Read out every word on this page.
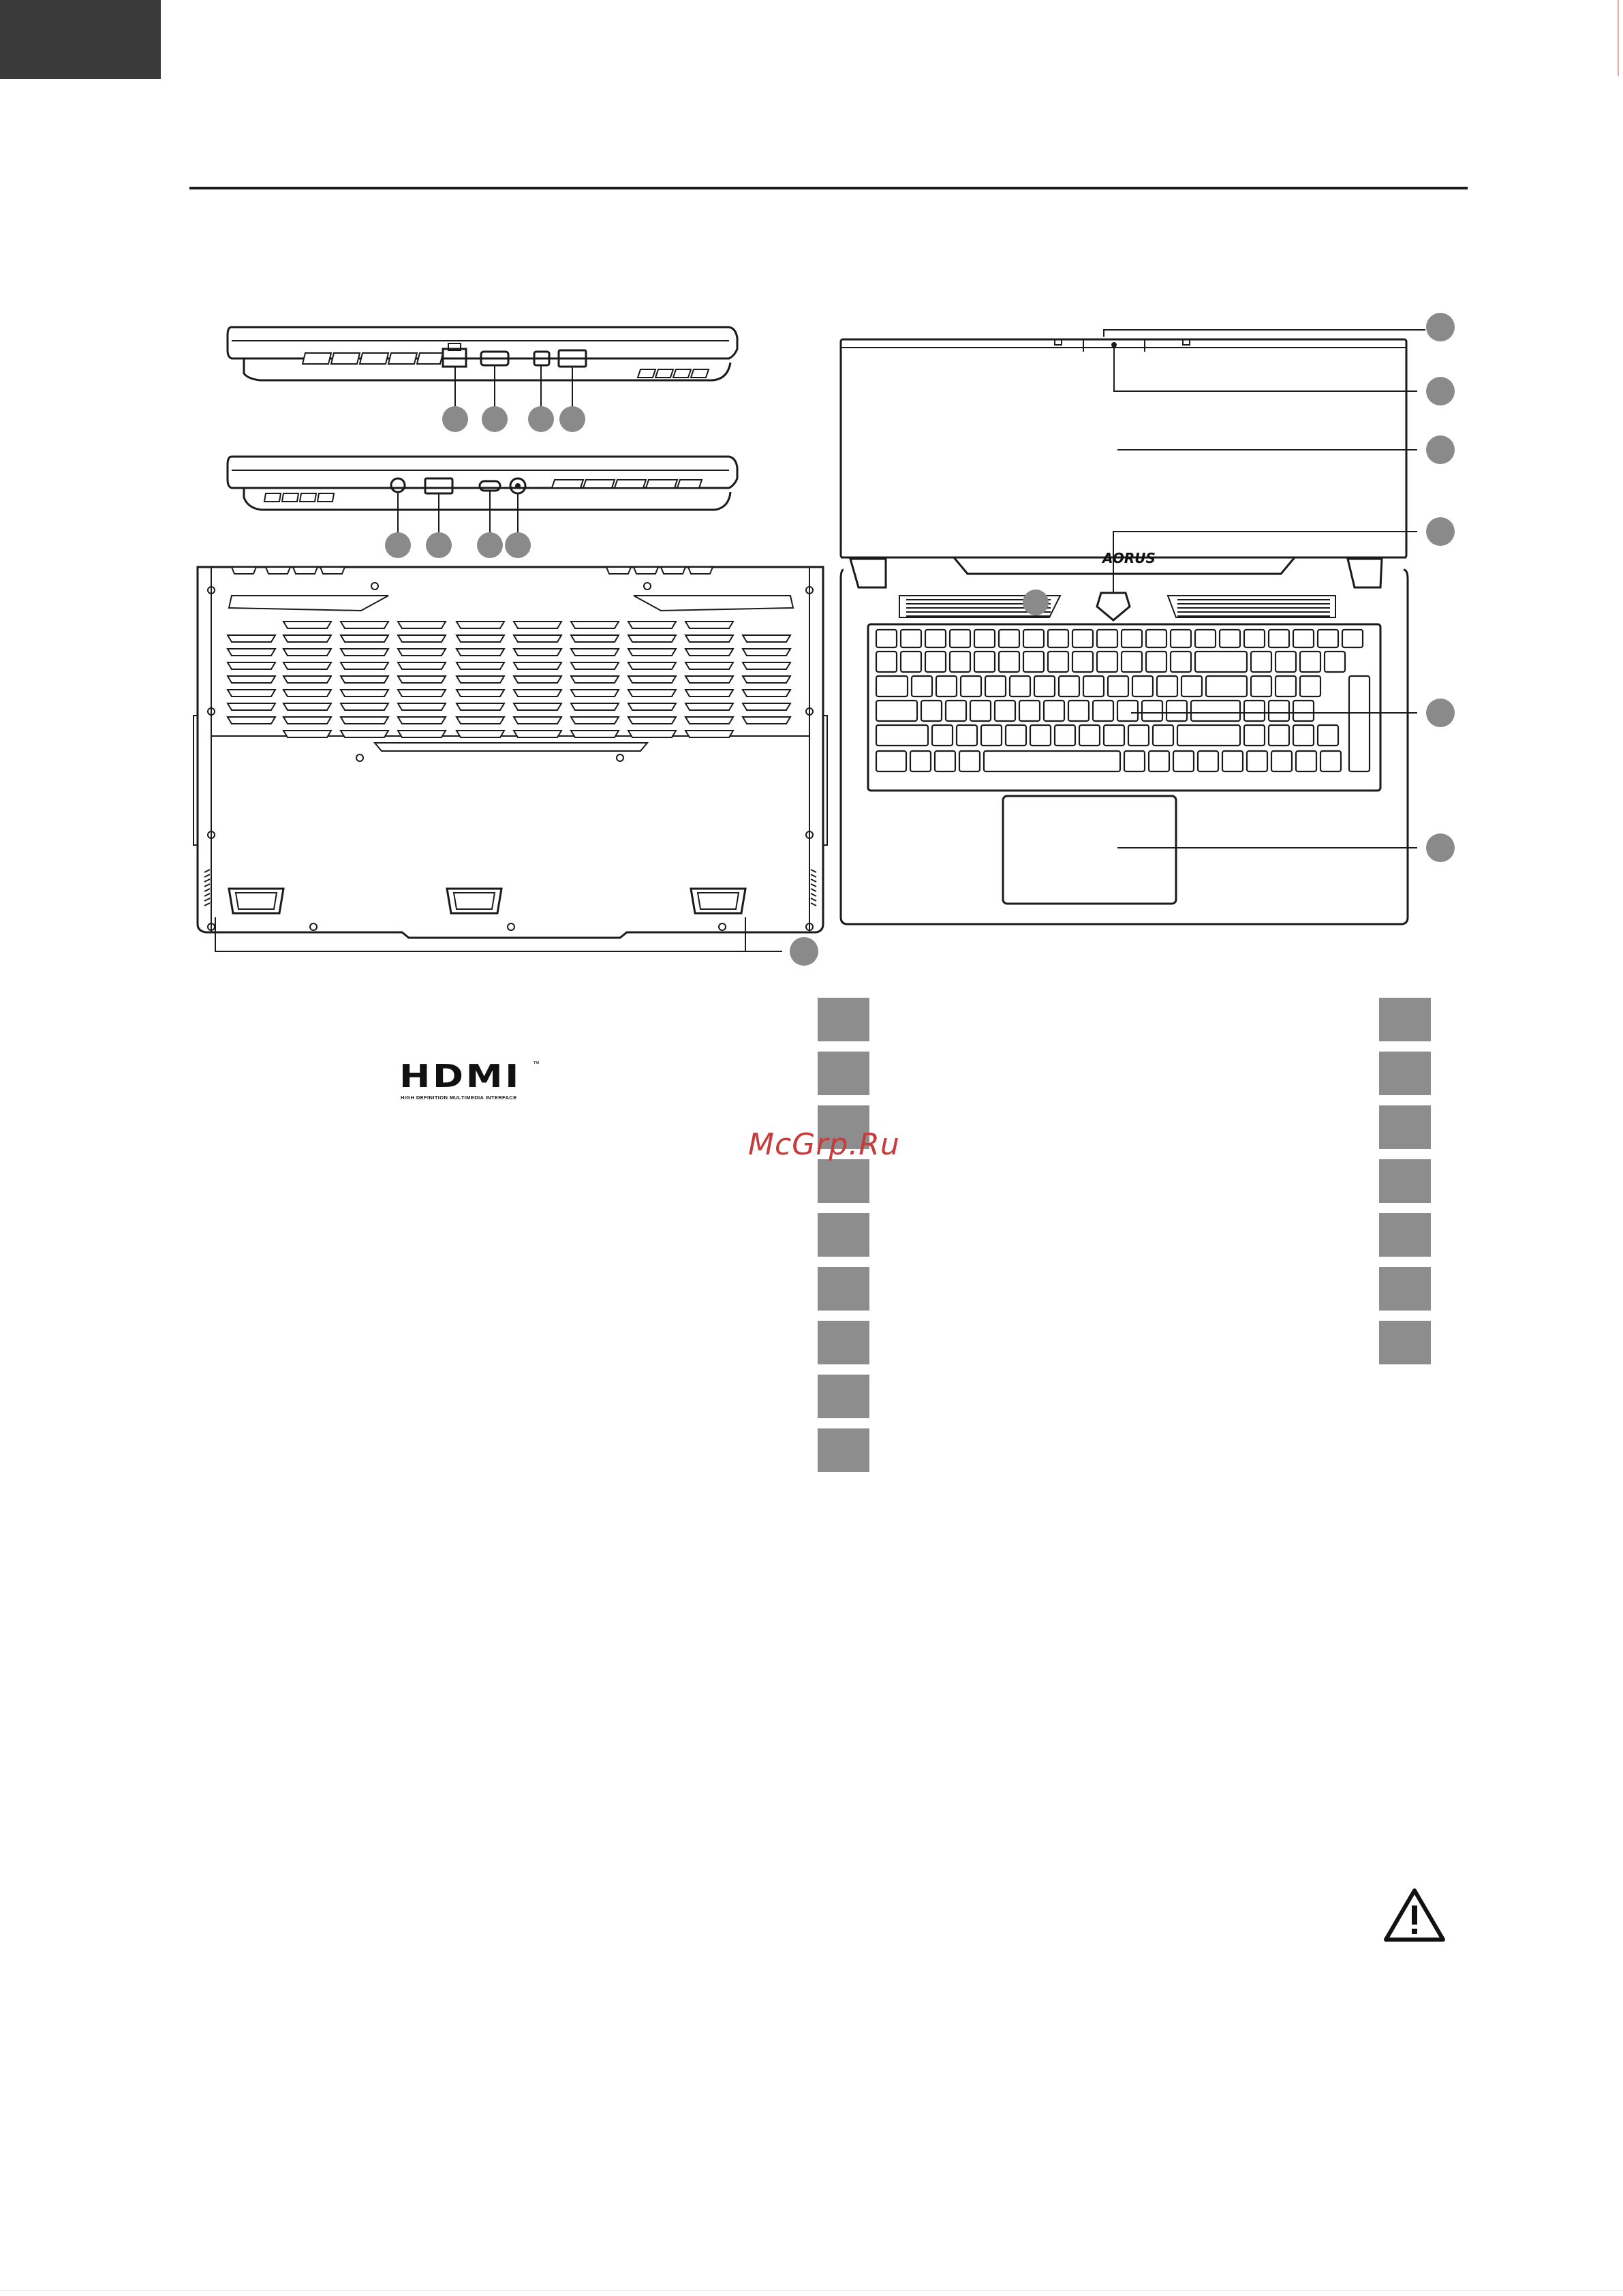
AORUS
HDMI ™
HIGH DEFINITION MULTIMEDIA INTERFACE
McGrp.Ru
